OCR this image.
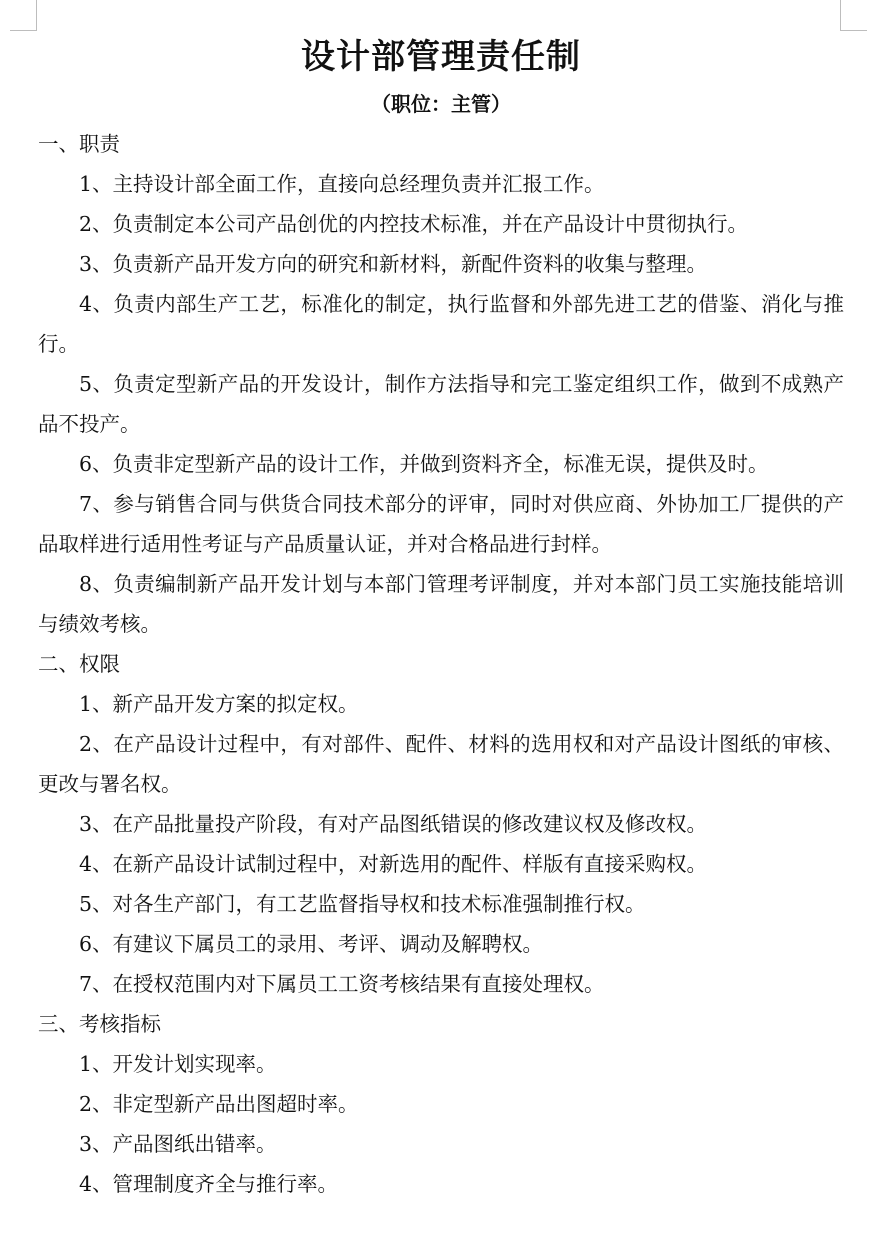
设计部管理责任制

（职位：主管）

一、职责

1、主持设计部全面工作，直接向总经理负责并汇报工作。

2、负责制定本公司产品创优的内控技术标准，并在产品设计中贯彻执行。

3、负责新产品开发方向的研究和新材料，新配件资料的收集与整理。

4、负责内部生产工艺，标准化的制定，执行监督和外部先进工艺的借鉴、消化与推行。

5、负责定型新产品的开发设计，制作方法指导和完工鉴定组织工作，做到不成熟产品不投产。

6、负责非定型新产品的设计工作，并做到资料齐全，标准无误，提供及时。

7、参与销售合同与供货合同技术部分的评审，同时对供应商、外协加工厂提供的产品取样进行适用性考证与产品质量认证，并对合格品进行封样。

8、负责编制新产品开发计划与本部门管理考评制度，并对本部门员工实施技能培训与绩效考核。

二、权限

1、新产品开发方案的拟定权。

2、在产品设计过程中，有对部件、配件、材料的选用权和对产品设计图纸的审核、更改与署名权。

3、在产品批量投产阶段，有对产品图纸错误的修改建议权及修改权。

4、在新产品设计试制过程中，对新选用的配件、样版有直接采购权。

5、对各生产部门，有工艺监督指导权和技术标准强制推行权。

6、有建议下属员工的录用、考评、调动及解聘权。

7、在授权范围内对下属员工工资考核结果有直接处理权。

三、考核指标

1、开发计划实现率。

2、非定型新产品出图超时率。

3、产品图纸出错率。

4、管理制度齐全与推行率。
